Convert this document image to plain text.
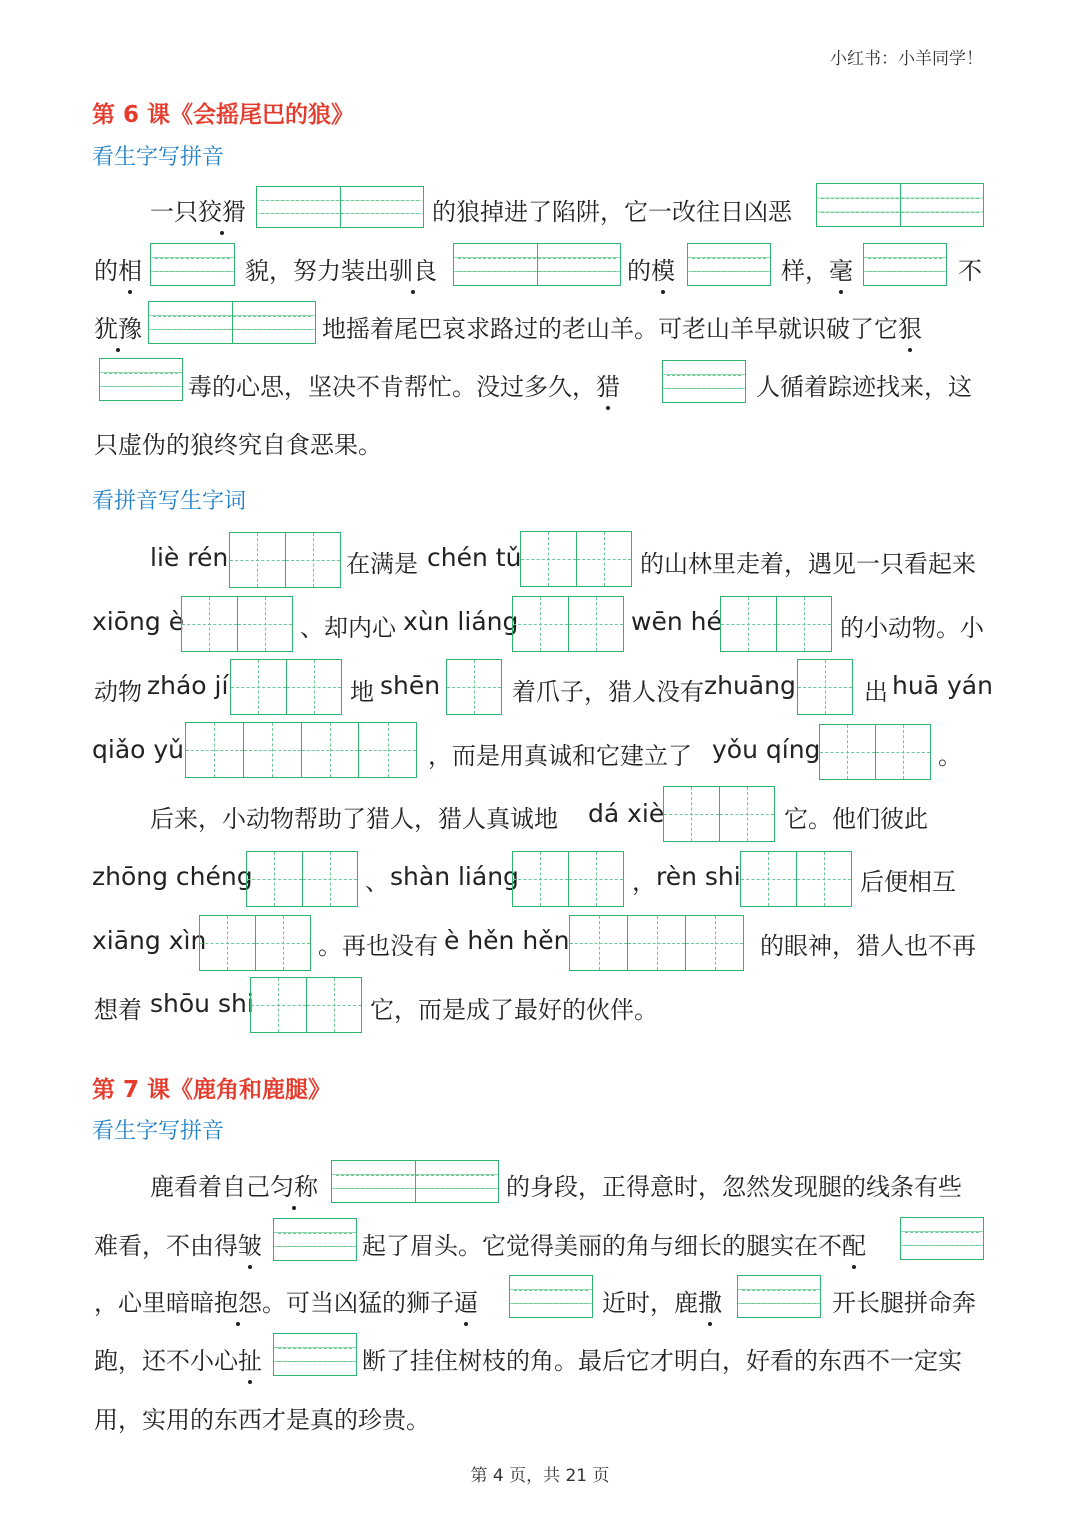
小红书：小羊同学！
第 6 课《会摇尾巴的狼》
看生字写拼音
一只狡猾	的狼掉进了陷阱，它一改往日凶恶
的相	貌，努力装出驯良	的模	样，毫	不
犹豫	地摇着尾巴哀求路过的老山羊。可老山羊早就识破了它狠
毒的心思，坚决不肯帮忙。没过多久，猎	人循着踪迹找来，这
只虚伪的狼终究自食恶果。
看拼音写生字词
liè rén	在满是 chén tǔ	的山林里走着，遇见一只看起来
xiōng è	、却内心 xùn liáng	wēn hé	的小动物。小
动物 zháo jí	地 shēn	着爪子，猎人没有 zhuāng	出 huā yán
qiǎo yǔ	，而是用真诚和它建立了 yǒu qíng	。
后来，小动物帮助了猎人，猎人真诚地 dá xiè	它。他们彼此
zhōng chéng	、 shàn liáng	， rèn shi	后便相互
xiāng xìn	。再也没有 è hěn hěn	的眼神，猎人也不再
想着 shōu shi	它，而是成了最好的伙伴。
第 7 课《鹿角和鹿腿》
看生字写拼音
鹿看着自己匀称	的身段，正得意时，忽然发现腿的线条有些
难看，不由得皱	起了眉头。它觉得美丽的角与细长的腿实在不配
，心里暗暗抱怨。可当凶猛的狮子逼	近时，鹿撒	开长腿拼命奔
跑，还不小心扯	断了挂住树枝的角。最后它才明白，好看的东西不一定实
用，实用的东西才是真的珍贵。
第 4 页，共 21 页
